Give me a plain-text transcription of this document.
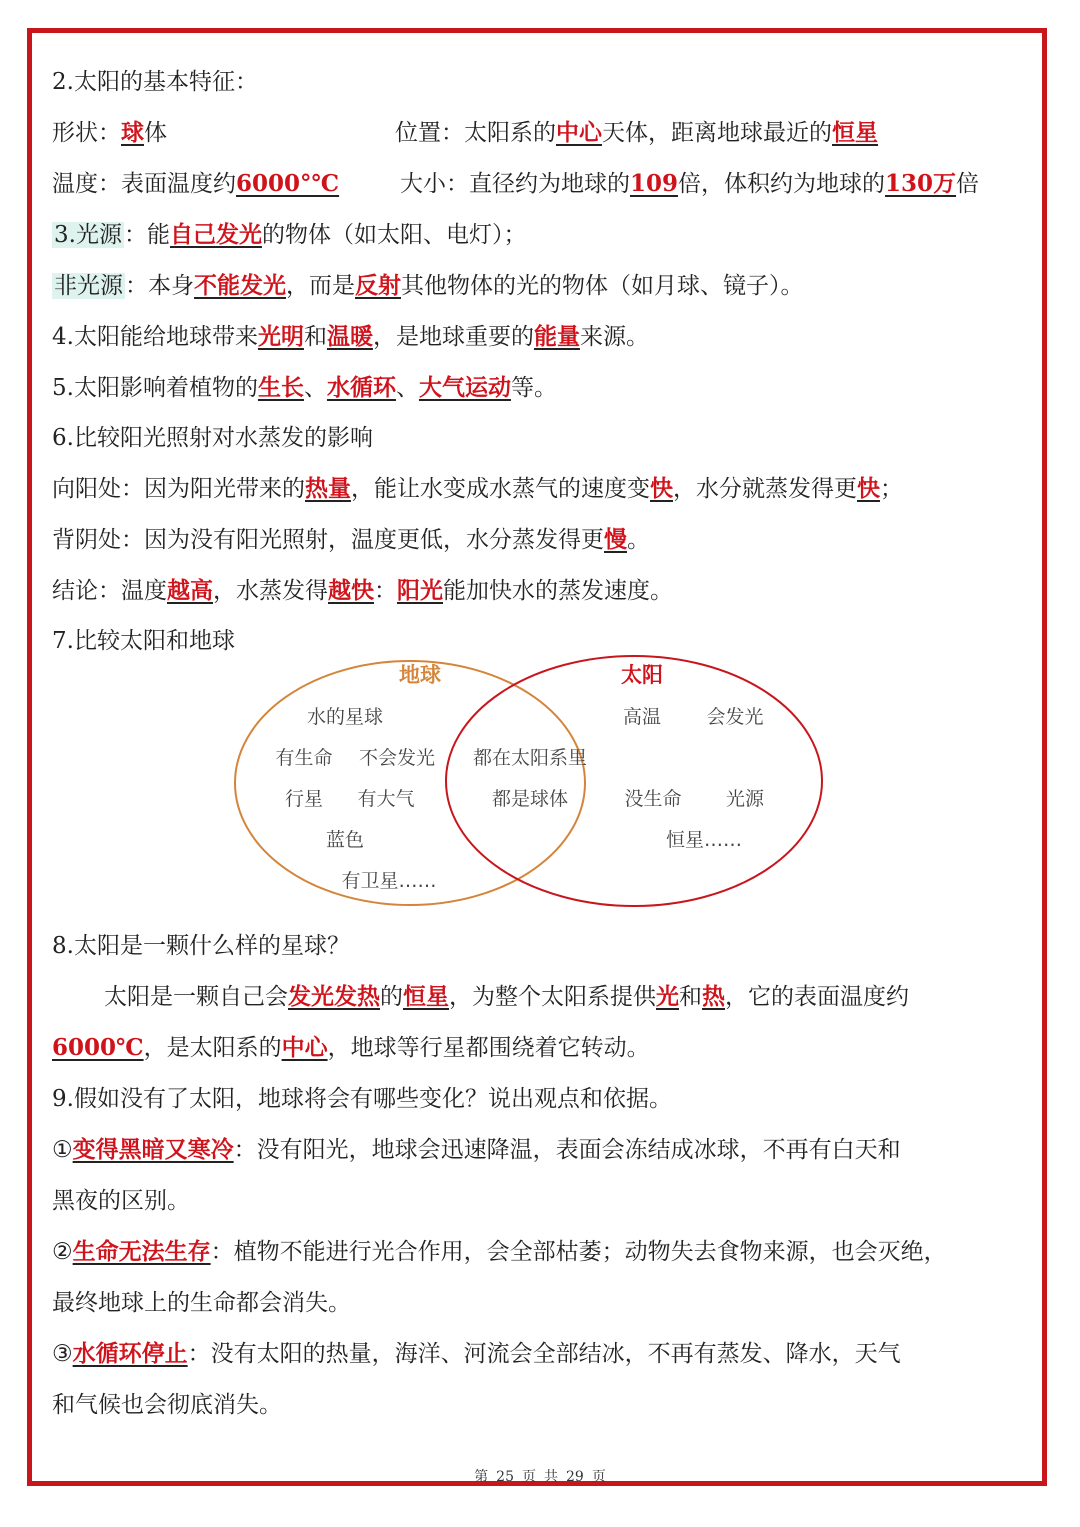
2.太阳的基本特征：
形状：球体	位置：太阳系的中心天体，距离地球最近的恒星
温度：表面温度约6000°℃	大小：直径约为地球的109倍，体积约为地球的130万倍
3.光源：能自己发光的物体（如太阳、电灯）；
非光源：本身不能发光，而是反射其他物体的光的物体（如月球、镜子）。
4.太阳能给地球带来光明和温暖，是地球重要的能量来源。
5.太阳影响着植物的生长、水循环、大气运动等。
6.比较阳光照射对水蒸发的影响
向阳处：因为阳光带来的热量，能让水变成水蒸气的速度变快，水分就蒸发得更快；
背阴处：因为没有阳光照射，温度更低，水分蒸发得更慢。
结论：温度越高，水蒸发得越快：阳光能加快水的蒸发速度。
7.比较太阳和地球
地球	太阳
水的星球
有生命 不会发光
行星 有大气
蓝色
有卫星……
都在太阳系里
都是球体
高温 会发光
没生命 光源
恒星……
8.太阳是一颗什么样的星球？
太阳是一颗自己会发光发热的恒星，为整个太阳系提供光和热，它的表面温度约
6000℃，是太阳系的中心，地球等行星都围绕着它转动。
9.假如没有了太阳，地球将会有哪些变化？说出观点和依据。
①变得黑暗又寒冷：没有阳光，地球会迅速降温，表面会冻结成冰球，不再有白天和
黑夜的区别。
②生命无法生存：植物不能进行光合作用，会全部枯萎；动物失去食物来源，也会灭绝，
最终地球上的生命都会消失。
③水循环停止：没有太阳的热量，海洋、河流会全部结冰，不再有蒸发、降水，天气
和气候也会彻底消失。
第 25 页 共 29 页
